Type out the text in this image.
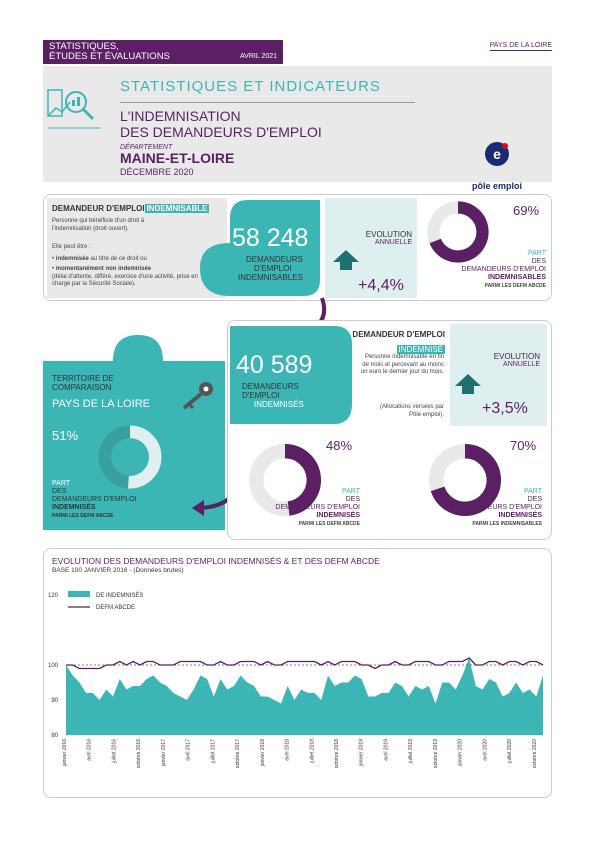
STATISTIQUES,
ÉTUDES ET ÉVALUATIONS	AVRIL 2021
PAYS DE LA LOIRE
STATISTIQUES ET INDICATEURS
L'INDEMNISATION
DES DEMANDEURS D'EMPLOI
DÉPARTEMENT
MAINE-ET-LOIRE
DÉCEMBRE 2020
e
pôle emploi
DEMANDEUR D'EMPLOI INDEMNISABLE
Personne qui bénéficie d'un droit à l'indemnisation (droit ouvert).
Elle peut être :
• indemnisée au titre de ce droit ou
• momentanément non indemnisée
(délai d'attente, différé, exercice d'une activité, prise en charge par la Sécurité Sociale).
58 248
DEMANDEURS
D'EMPLOI
INDEMNISABLES
EVOLUTION
ANNUELLE
+4,4%
69%
PART
DES
DEMANDEURS D'EMPLOI
INDEMNISABLES
PARMI LES DEFM ABCDE
TERRITOIRE DE
COMPARAISON
PAYS DE LA LOIRE
51%
PART
DES
DEMANDEURS D'EMPLOI
INDEMNISÉS
PARMI LES DEFM ABCDE
40 589
DEMANDEURS
D'EMPLOI
INDEMNISÉS
DEMANDEUR D'EMPLOI
INDEMNISÉ
Personne indemnisable en fin de mois et percevant au moins un euro le dernier jour du mois.
(Allocations versées par Pôle emploi).
EVOLUTION
ANNUELLE
+3,5%
48%
PART
DES
DEMANDEURS D'EMPLOI
INDEMNISÉS
PARMI LES DEFM ABCDE
70%
PART
DES
DEMANDEURS D'EMPLOI
INDEMNISÉS
PARMI LES INDEMNISABLES
EVOLUTION DES DEMANDEURS D'EMPLOI INDEMNISÉS & ET DES DEFM ABCDE
BASE 100 JANVIER 2016 - (Données brutes)
120
100
90
80
DE INDEMNISÉS
DEFM ABCDE
janvier 2016	avril 2016	juillet 2016	octobre 2016	janvier 2017	avril 2017	juillet 2017	octobre 2017	janvier 2018	avril 2018	juillet 2018	octobre 2018	janvier 2019	avril 2019	juillet 2019	octobre 2019	janvier 2020	avril 2020	juillet 2020	octobre 2020
